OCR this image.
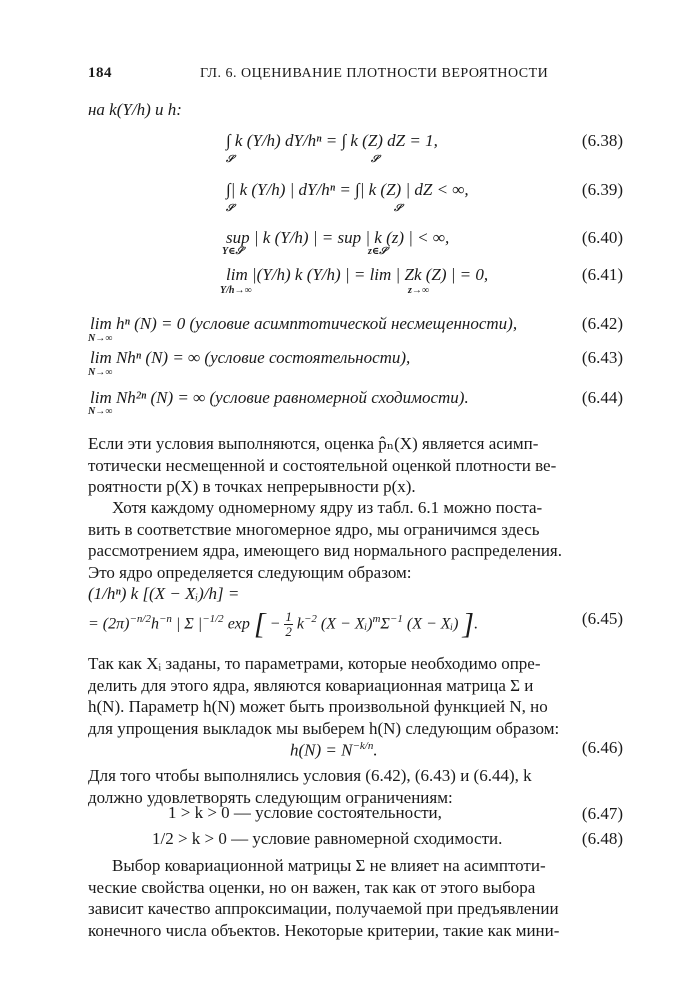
184	ГЛ. 6. ОЦЕНИВАНИЕ ПЛОТНОСТИ ВЕРОЯТНОСТИ
на k(Y/h) и h:
∫ k (Y/h) dY/hⁿ = ∫ k (Z) dZ = 1,
𝒮	𝒮
(6.38)
∫| k (Y/h) | dY/hⁿ = ∫| k (Z) | dZ < ∞,
𝒮	𝒮
(6.39)
sup | k (Y/h) | = sup | k (z) | < ∞,
Y∈𝒮	z∈𝒮
(6.40)
lim |(Y/h) k (Y/h) | = lim | Zk (Z) | = 0,
Y/h→∞	z→∞
(6.41)
lim hⁿ (N) = 0 (условие асимптотической несмещенности),
N→∞
(6.42)
lim Nhⁿ (N) = ∞ (условие состоятельности),
N→∞
(6.43)
lim Nh²ⁿ (N) = ∞ (условие равномерной сходимости).
N→∞
(6.44)
Если эти условия выполняются, оценка p̂ₙ(X) является асимп-
тотически несмещенной и состоятельной оценкой плотности ве-
роятности p(X) в точках непрерывности p(x).
Хотя каждому одномерному ядру из табл. 6.1 можно поста-
вить в соответствие многомерное ядро, мы ограничимся здесь
рассмотрением ядра, имеющего вид нормального распределения.
Это ядро определяется следующим образом:
(1/hⁿ) k [(X − Xᵢ)/h] =
= $(2\pi)^{-n/2}h^{-n}$ | Σ $|^{-1/2}$ exp [ − $\frac{1}{2} k^{-2}$ $(X - Xᵢ)^т\Sigma^{-1}$ (X − Xᵢ) ].	(6.45)
Так как Xᵢ заданы, то параметрами, которые необходимо опре-
делить для этого ядра, являются ковариационная матрица Σ и
h(N). Параметр h(N) может быть произвольной функцией N, но
для упрощения выкладок мы выберем h(N) следующим образом:
$h(N) = N^{-k/n}$.	(6.46)
Для того чтобы выполнялись условия (6.42), (6.43) и (6.44), k
должно удовлетворять следующим ограничениям:
1 > k > 0 — условие состоятельности,	(6.47)
1/2 > k > 0 — условие равномерной сходимости.	(6.48)
Выбор ковариационной матрицы Σ не влияет на асимптоти-
ческие свойства оценки, но он важен, так как от этого выбора
зависит качество аппроксимации, получаемой при предъявлении
конечного числа объектов. Некоторые критерии, такие как мини-
